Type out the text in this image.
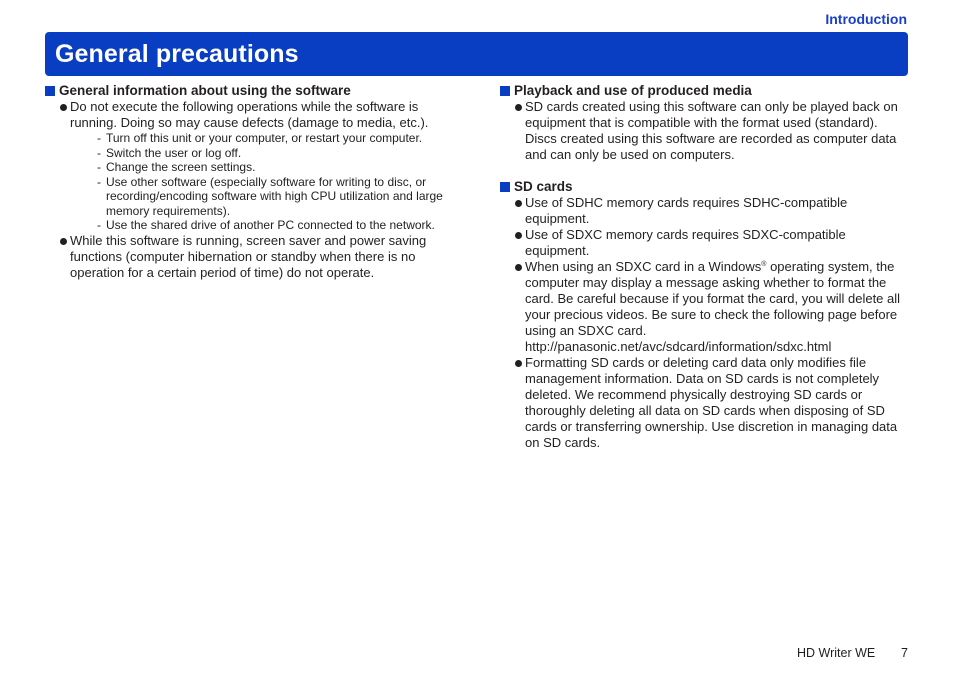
Introduction
General precautions
General information about using the software
Do not execute the following operations while the software is running. Doing so may cause defects (damage to media, etc.).
- Turn off this unit or your computer, or restart your computer.
- Switch the user or log off.
- Change the screen settings.
- Use other software (especially software for writing to disc, or recording/encoding software with high CPU utilization and large memory requirements).
- Use the shared drive of another PC connected to the network.
While this software is running, screen saver and power saving functions (computer hibernation or standby when there is no operation for a certain period of time) do not operate.
Playback and use of produced media
SD cards created using this software can only be played back on equipment that is compatible with the format used (standard). Discs created using this software are recorded as computer data and can only be used on computers.
SD cards
Use of SDHC memory cards requires SDHC-compatible equipment.
Use of SDXC memory cards requires SDXC-compatible equipment.
When using an SDXC card in a Windows® operating system, the computer may display a message asking whether to format the card. Be careful because if you format the card, you will delete all your precious videos. Be sure to check the following page before using an SDXC card.
http://panasonic.net/avc/sdcard/information/sdxc.html
Formatting SD cards or deleting card data only modifies file management information. Data on SD cards is not completely deleted. We recommend physically destroying SD cards or thoroughly deleting all data on SD cards when disposing of SD cards or transferring ownership. Use discretion in managing data on SD cards.
HD Writer WE 7
